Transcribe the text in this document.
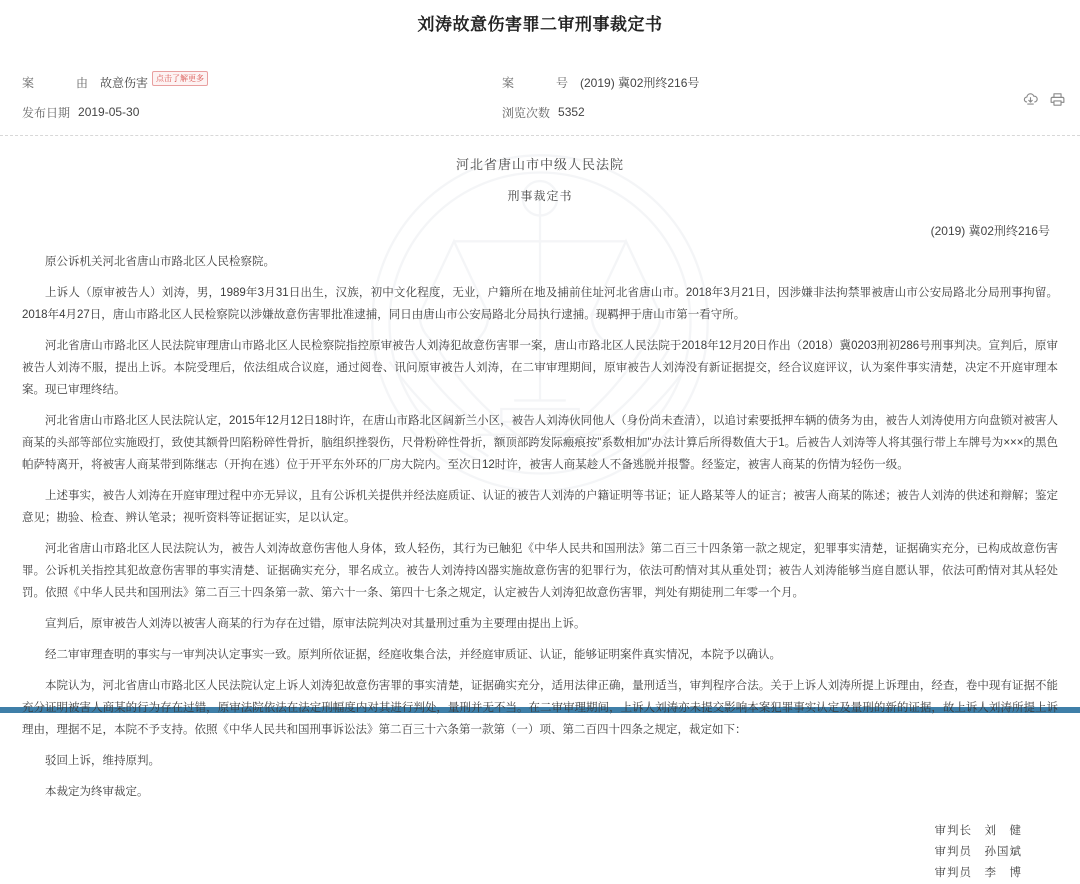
刘涛故意伤害罪二审刑事裁定书
案　　由 故意伤害	点击了解更多	案　　号 (2019) 冀02刑终216号
发布日期 2019-05-30	浏览次数 5352
河北省唐山市中级人民法院
刑事裁定书
(2019) 冀02刑终216号

原公诉机关河北省唐山市路北区人民检察院。

上诉人（原审被告人）刘涛，男，1989年3月31日出生，汉族，初中文化程度，无业，户籍所在地及捕前住址河北省唐山市。2018年3月21日，因涉嫌非法拘禁罪被唐山市公安局路北分局刑事拘留。2018年4月27日，唐山市路北区人民检察院以涉嫌故意伤害罪批准逮捕，同日由唐山市公安局路北分局执行逮捕。现羁押于唐山市第一看守所。

河北省唐山市路北区人民法院审理唐山市路北区人民检察院指控原审被告人刘涛犯故意伤害罪一案，唐山市路北区人民法院于2018年12月20日作出（2018）冀0203刑初286号刑事判决。宣判后，原审被告人刘涛不服，提出上诉。本院受理后，依法组成合议庭，通过阅卷、讯问原审被告人刘涛，在二审审理期间，原审被告人刘涛没有新证据提交，经合议庭评议，认为案件事实清楚，决定不开庭审理本案。现已审理终结。

河北省唐山市路北区人民法院认定，2015年12月12日18时许，在唐山市路北区阔新兰小区，被告人刘涛伙同他人（身份尚未查清），以追讨索要抵押车辆的债务为由，被告人刘涛使用方向盘锁对被害人商某的头部等部位实施殴打，致使其额骨凹陷粉碎性骨折，脑组织挫裂伤，尺骨粉碎性骨折，额顶部跨发际瘢痕按"系数相加"办法计算后所得数值大于1。后被告人刘涛等人将其强行带上车牌号为×××的黑色帕萨特离开，将被害人商某带到陈继志（开拘在逃）位于开平东外环的厂房大院内。至次日12时许，被害人商某趁人不备逃脱并报警。经鉴定，被害人商某的伤情为轻伤一级。

上述事实，被告人刘涛在开庭审理过程中亦无异议，且有公诉机关提供并经法庭质证、认证的被告人刘涛的户籍证明等书证；证人路某等人的证言；被害人商某的陈述；被告人刘涛的供述和辩解；鉴定意见；勘验、检查、辨认笔录；视听资料等证据证实，足以认定。

河北省唐山市路北区人民法院认为，被告人刘涛故意伤害他人身体，致人轻伤，其行为已触犯《中华人民共和国刑法》第二百三十四条第一款之规定，犯罪事实清楚，证据确实充分，已构成故意伤害罪。公诉机关指控其犯故意伤害罪的事实清楚、证据确实充分，罪名成立。被告人刘涛持凶器实施故意伤害的犯罪行为，依法可酌情对其从重处罚；被告人刘涛能够当庭自愿认罪，依法可酌情对其从轻处罚。依照《中华人民共和国刑法》第二百三十四条第一款、第六十一条、第四十七条之规定，认定被告人刘涛犯故意伤害罪，判处有期徒刑二年零一个月。

宣判后，原审被告人刘涛以被害人商某的行为存在过错，原审法院判决对其量刑过重为主要理由提出上诉。

经二审审理查明的事实与一审判决认定事实一致。原判所依证据，经庭收集合法，并经庭审质证、认证，能够证明案件真实情况，本院予以确认。

本院认为，河北省唐山市路北区人民法院认定上诉人刘涛犯故意伤害罪的事实清楚，证据确实充分，适用法律正确，量刑适当，审判程序合法。关于上诉人刘涛所提上诉理由，经查，卷中现有证据不能充分证明被害人商某的行为存在过错，原审法院依法在法定刑幅度内对其进行判处，量刑并无不当。在二审审理期间，上诉人刘涛亦未提交影响本案犯罪事实认定及量刑的新的证据，故上诉人刘涛所提上诉理由，理据不足，本院不予支持。依照《中华人民共和国刑事诉讼法》第二百三十六条第一款第（一）项、第二百四十四条之规定，裁定如下：

驳回上诉，维持原判。

本裁定为终审裁定。

审判长　刘　健
审判员　孙国斌
审判员　李　博
